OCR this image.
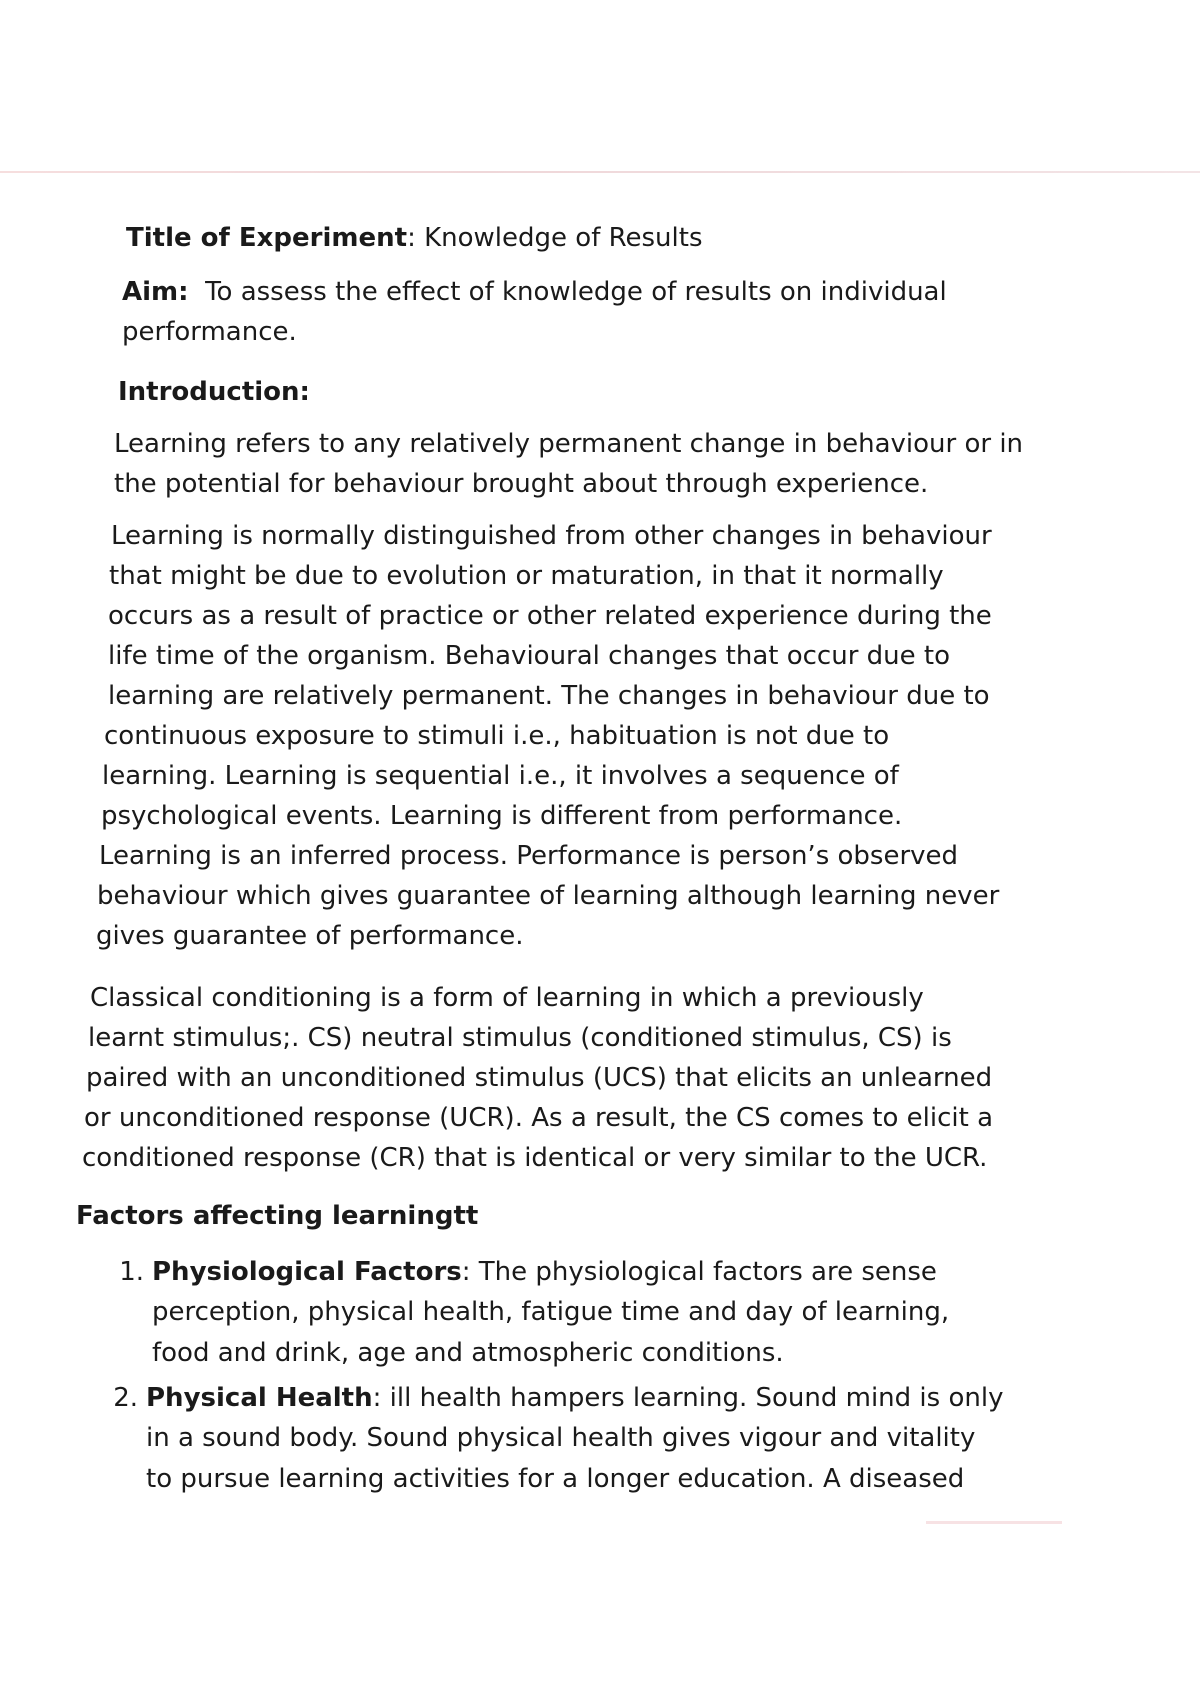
Title of Experiment: Knowledge of Results
Aim: To assess the effect of knowledge of results on individual
performance.
Introduction:
Learning refers to any relatively permanent change in behaviour or in
the potential for behaviour brought about through experience.
Learning is normally distinguished from other changes in behaviour
that might be due to evolution or maturation, in that it normally
occurs as a result of practice or other related experience during the
life time of the organism. Behavioural changes that occur due to
learning are relatively permanent. The changes in behaviour due to
continuous exposure to stimuli i.e., habituation is not due to
learning. Learning is sequential i.e., it involves a sequence of
psychological events. Learning is different from performance.
Learning is an inferred process. Performance is person’s observed
behaviour which gives guarantee of learning although learning never
gives guarantee of performance.
Classical conditioning is a form of learning in which a previously
learnt stimulus;. CS) neutral stimulus (conditioned stimulus, CS) is
paired with an unconditioned stimulus (UCS) that elicits an unlearned
or unconditioned response (UCR). As a result, the CS comes to elicit a
conditioned response (CR) that is identical or very similar to the UCR.
Factors affecting learningtt
1. Physiological Factors: The physiological factors are sense
perception, physical health, fatigue time and day of learning,
food and drink, age and atmospheric conditions.
2. Physical Health: ill health hampers learning. Sound mind is only
in a sound body. Sound physical health gives vigour and vitality
to pursue learning activities for a longer education. A diseased
